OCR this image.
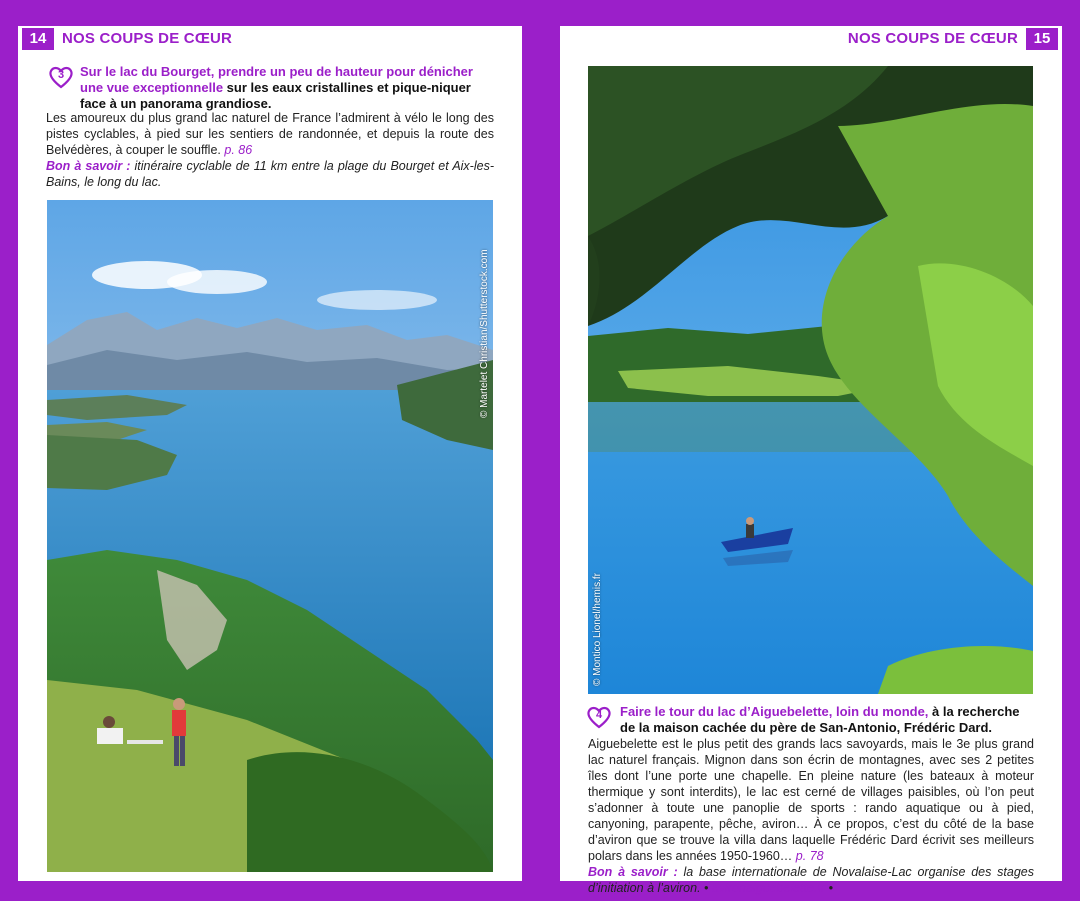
14	NOS COUPS DE CŒUR	NOS COUPS DE CŒUR	15
3	Sur le lac du Bourget, prendre un peu de hauteur pour dénicher une vue exceptionnelle sur les eaux cristallines et pique-niquer face à un panorama grandiose.
Les amoureux du plus grand lac naturel de France l’admirent à vélo le long des pistes cyclables, à pied sur les sentiers de randonnée, et depuis la route des Belvédères, à couper le souffle. p. 86
Bon à savoir : itinéraire cyclable de 11 km entre la plage du Bourget et Aix-les-Bains, le long du lac.
© Martelet Christian/Shutterstock.com
© Montico Lionel/hemis.fr
4	Faire le tour du lac d’Aiguebelette, loin du monde, à la recherche de la maison cachée du père de San-Antonio, Frédéric Dard.
Aiguebelette est le plus petit des grands lacs savoyards, mais le 3e plus grand lac naturel français. Mignon dans son écrin de montagnes, avec ses 2 petites îles dont l’une porte une chapelle. En pleine nature (les bateaux à moteur thermique y sont interdits), le lac est cerné de villages paisibles, où l’on peut s’adonner à toute une panoplie de sports : rando aquatique ou à pied, canyoning, parapente, pêche, aviron… À ce propos, c’est du côté de la base d’aviron que se trouve la villa dans laquelle Frédéric Dard écrivit ses meilleurs polars dans les années 1950-1960… p. 78
Bon à savoir : la base internationale de Novalaise-Lac organise des stages d’initiation à l’aviron. • avironaiguebelette.fr •
